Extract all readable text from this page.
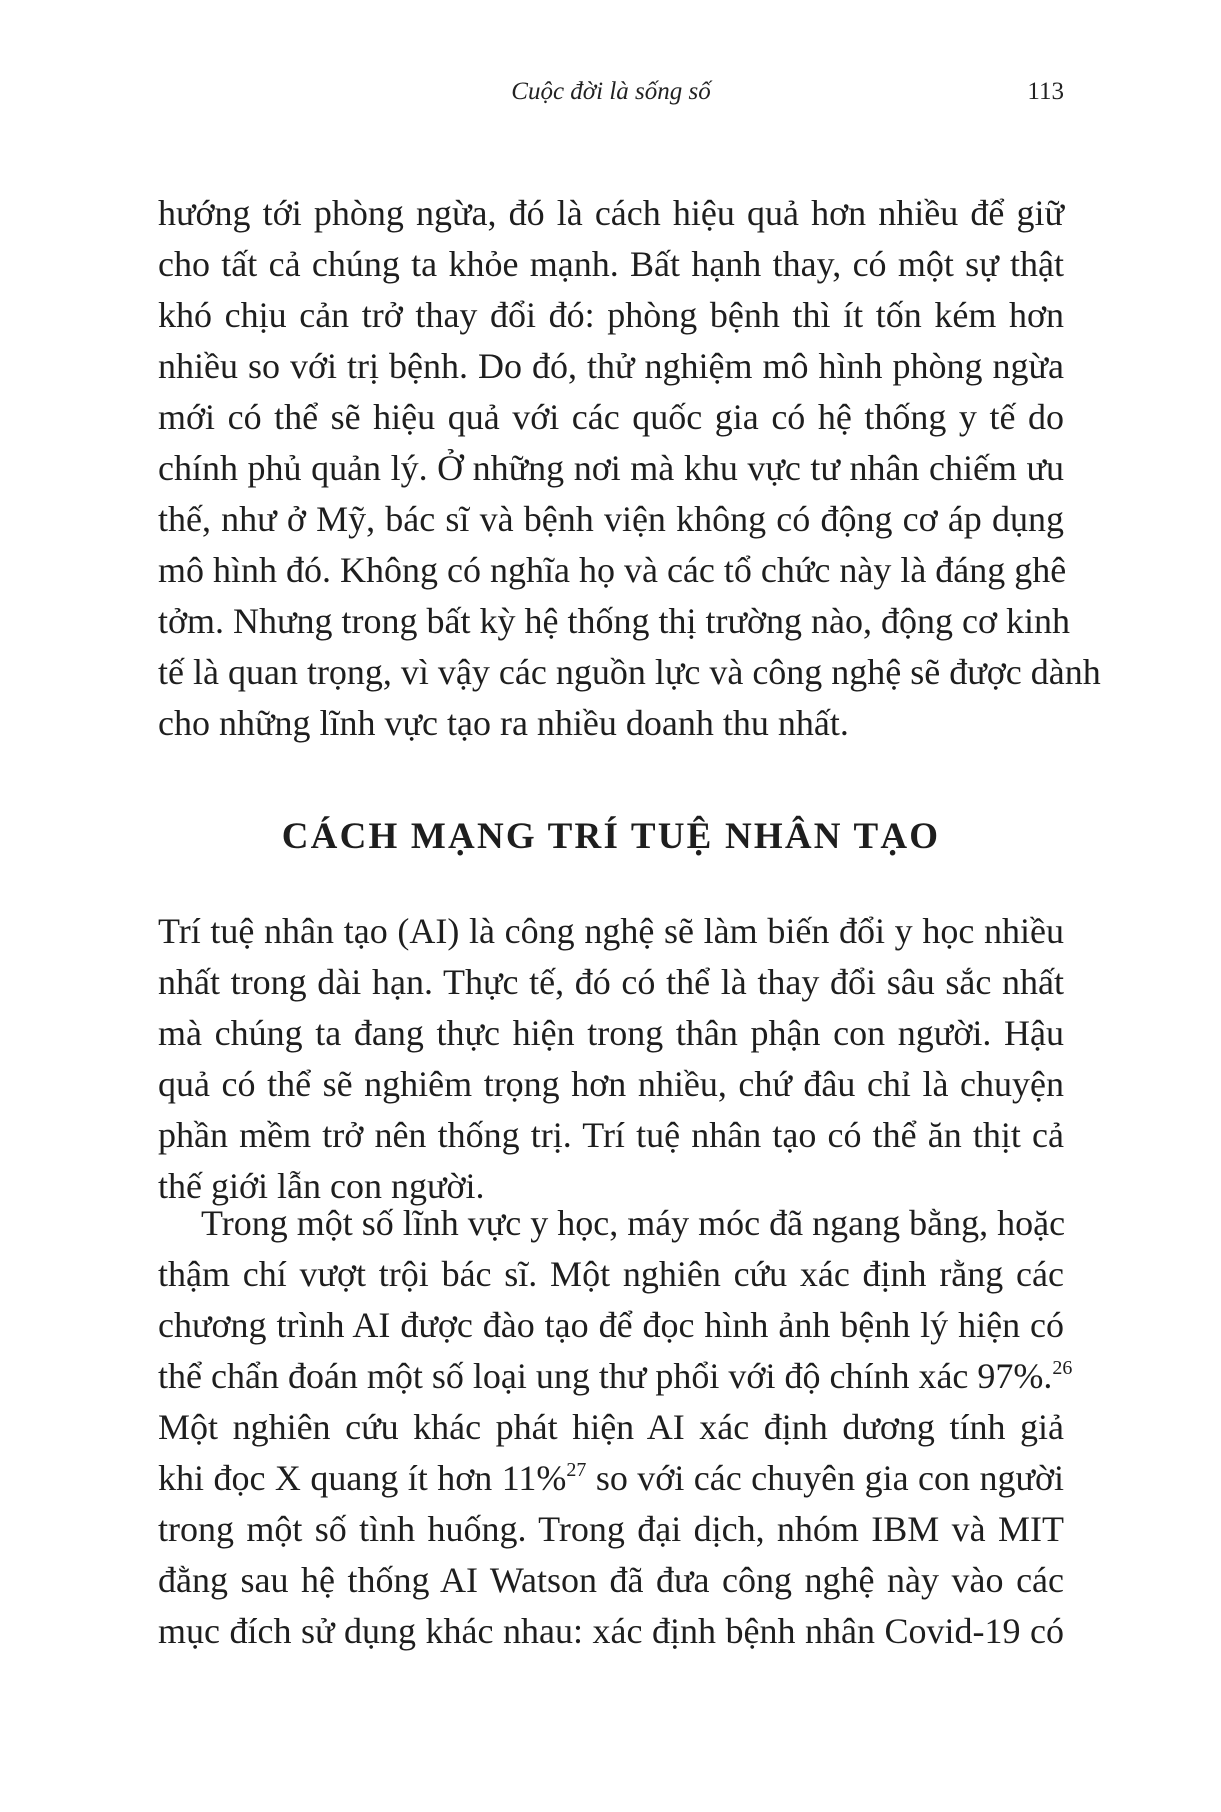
Cuộc đời là sống số	113
hướng tới phòng ngừa, đó là cách hiệu quả hơn nhiều để giữ
cho tất cả chúng ta khỏe mạnh. Bất hạnh thay, có một sự thật
khó chịu cản trở thay đổi đó: phòng bệnh thì ít tốn kém hơn
nhiều so với trị bệnh. Do đó, thử nghiệm mô hình phòng ngừa
mới có thể sẽ hiệu quả với các quốc gia có hệ thống y tế do
chính phủ quản lý. Ở những nơi mà khu vực tư nhân chiếm ưu
thế, như ở Mỹ, bác sĩ và bệnh viện không có động cơ áp dụng
mô hình đó. Không có nghĩa họ và các tổ chức này là đáng ghê
tởm. Nhưng trong bất kỳ hệ thống thị trường nào, động cơ kinh
tế là quan trọng, vì vậy các nguồn lực và công nghệ sẽ được dành
cho những lĩnh vực tạo ra nhiều doanh thu nhất.
CÁCH MẠNG TRÍ TUỆ NHÂN TẠO
Trí tuệ nhân tạo (AI) là công nghệ sẽ làm biến đổi y học nhiều
nhất trong dài hạn. Thực tế, đó có thể là thay đổi sâu sắc nhất
mà chúng ta đang thực hiện trong thân phận con người. Hậu
quả có thể sẽ nghiêm trọng hơn nhiều, chứ đâu chỉ là chuyện
phần mềm trở nên thống trị. Trí tuệ nhân tạo có thể ăn thịt cả
thế giới lẫn con người.
Trong một số lĩnh vực y học, máy móc đã ngang bằng, hoặc
thậm chí vượt trội bác sĩ. Một nghiên cứu xác định rằng các
chương trình AI được đào tạo để đọc hình ảnh bệnh lý hiện có
thể chẩn đoán một số loại ung thư phổi với độ chính xác 97%.$^{26}$
Một nghiên cứu khác phát hiện AI xác định dương tính giả
khi đọc X quang ít hơn 11%$^{27}$ so với các chuyên gia con người
trong một số tình huống. Trong đại dịch, nhóm IBM và MIT
đằng sau hệ thống AI Watson đã đưa công nghệ này vào các
mục đích sử dụng khác nhau: xác định bệnh nhân Covid-19 có
